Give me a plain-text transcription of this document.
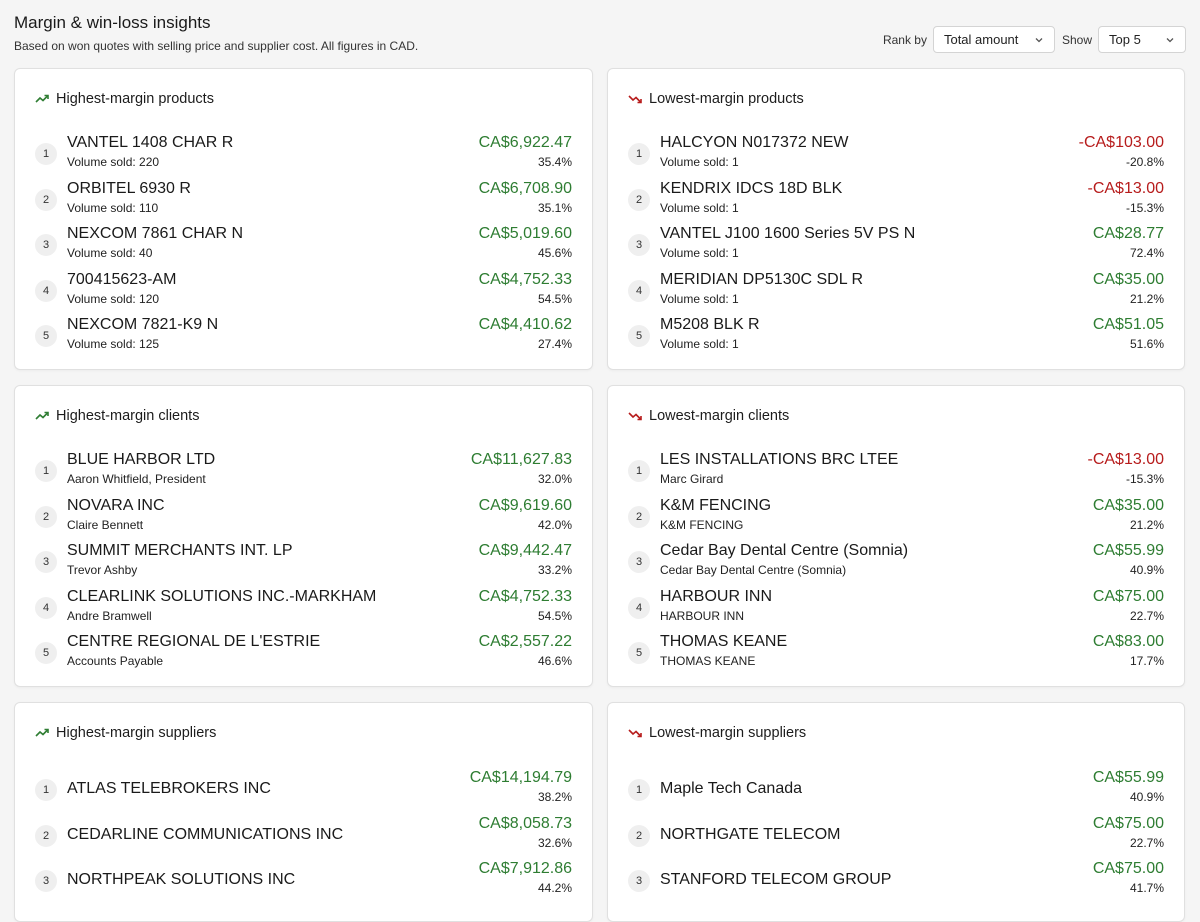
Margin & win-loss insights
Based on won quotes with selling price and supplier cost. All figures in CAD.	Rank by Total amount	Show Top 5
Highest-margin products
1
VANTEL 1408 CHAR R
Volume sold: 220
CA$6,922.47
35.4%
2
ORBITEL 6930 R
Volume sold: 110
CA$6,708.90
35.1%
3
NEXCOM 7861 CHAR N
Volume sold: 40
CA$5,019.60
45.6%
4
700415623-AM
Volume sold: 120
CA$4,752.33
54.5%
5
NEXCOM 7821-K9 N
Volume sold: 125
CA$4,410.62
27.4%
Lowest-margin products
1
HALCYON N017372 NEW
Volume sold: 1
-CA$103.00
-20.8%
2
KENDRIX IDCS 18D BLK
Volume sold: 1
-CA$13.00
-15.3%
3
VANTEL J100 1600 Series 5V PS N
Volume sold: 1
CA$28.77
72.4%
4
MERIDIAN DP5130C SDL R
Volume sold: 1
CA$35.00
21.2%
5
M5208 BLK R
Volume sold: 1
CA$51.05
51.6%
Highest-margin clients
1
BLUE HARBOR LTD
Aaron Whitfield, President
CA$11,627.83
32.0%
2
NOVARA INC
Claire Bennett
CA$9,619.60
42.0%
3
SUMMIT MERCHANTS INT. LP
Trevor Ashby
CA$9,442.47
33.2%
4
CLEARLINK SOLUTIONS INC.-MARKHAM
Andre Bramwell
CA$4,752.33
54.5%
5
CENTRE REGIONAL DE L'ESTRIE
Accounts Payable
CA$2,557.22
46.6%
Lowest-margin clients
1
LES INSTALLATIONS BRC LTEE
Marc Girard
-CA$13.00
-15.3%
2
K&M FENCING
K&M FENCING
CA$35.00
21.2%
3
Cedar Bay Dental Centre (Somnia)
Cedar Bay Dental Centre (Somnia)
CA$55.99
40.9%
4
HARBOUR INN
HARBOUR INN
CA$75.00
22.7%
5
THOMAS KEANE
THOMAS KEANE
CA$83.00
17.7%
Highest-margin suppliers
1	ATLAS TELEBROKERS INC
CA$14,194.79
38.2%
2	CEDARLINE COMMUNICATIONS INC
CA$8,058.73
32.6%
3	NORTHPEAK SOLUTIONS INC
CA$7,912.86
44.2%
Lowest-margin suppliers
1	Maple Tech Canada
CA$55.99
40.9%
2	NORTHGATE TELECOM
CA$75.00
22.7%
3	STANFORD TELECOM GROUP
CA$75.00
41.7%
